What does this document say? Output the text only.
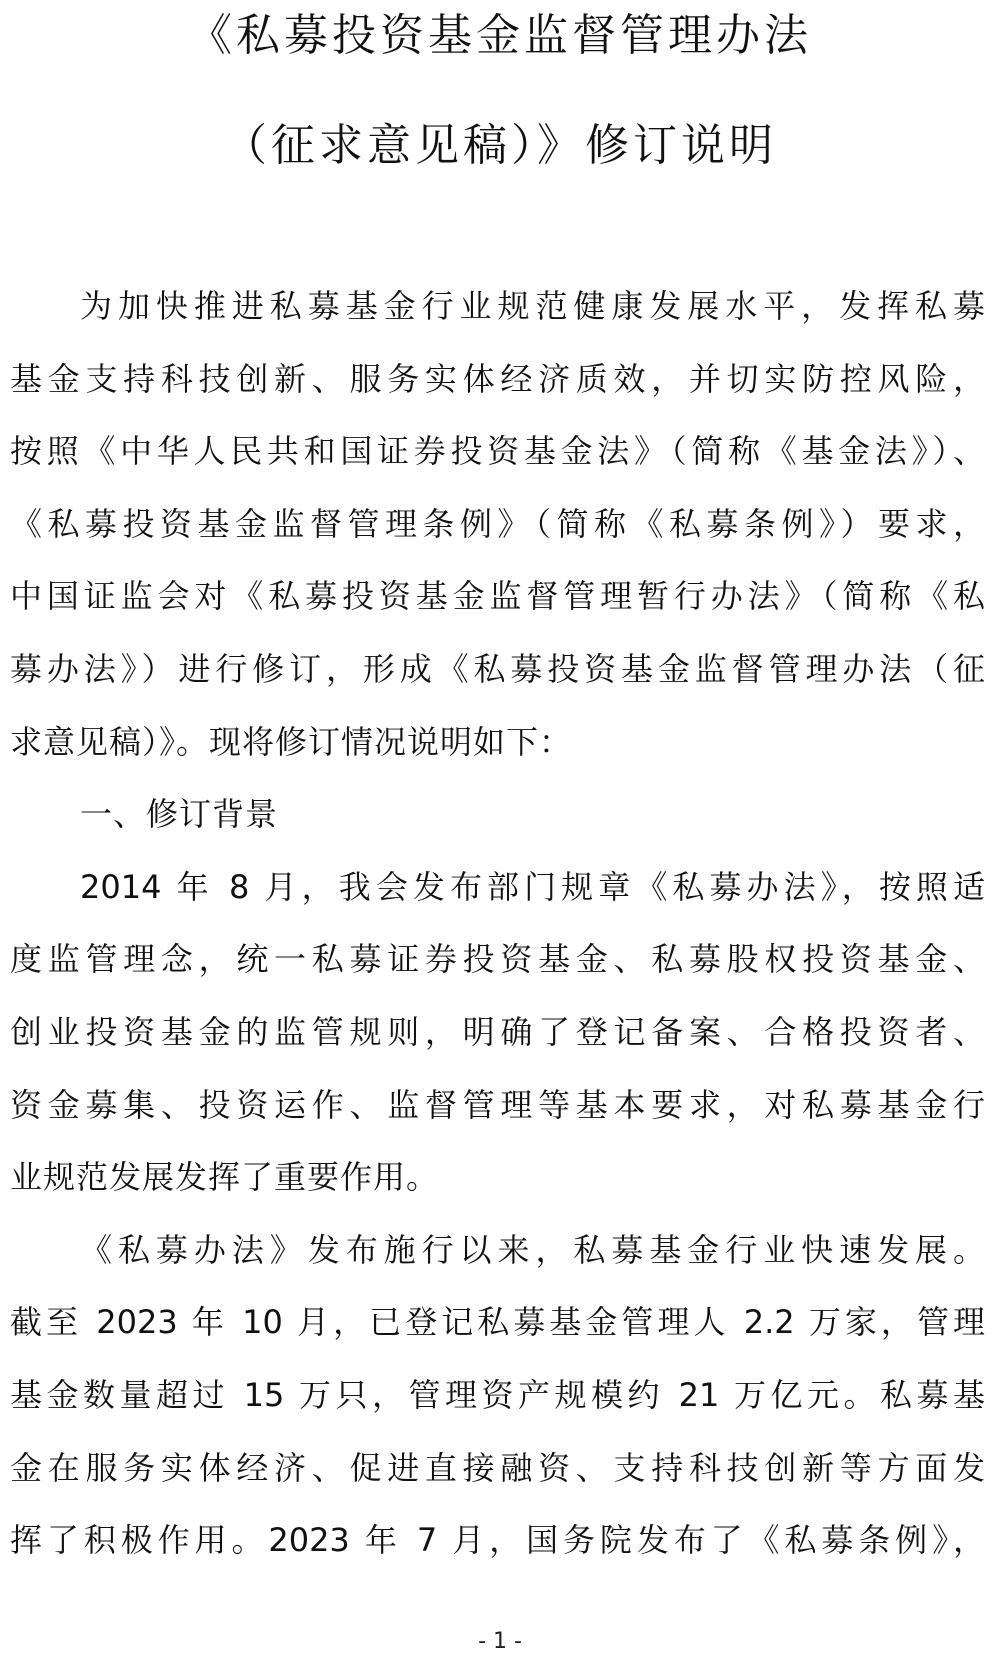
《私募投资基金监督管理办法
（征求意见稿）》修订说明
为加快推进私募基金行业规范健康发展水平，发挥私募
基金支持科技创新、服务实体经济质效，并切实防控风险，
按照《中华人民共和国证券投资基金法》（简称《基金法》）、
《私募投资基金监督管理条例》（简称《私募条例》）要求，
中国证监会对《私募投资基金监督管理暂行办法》（简称《私
募办法》）进行修订，形成《私募投资基金监督管理办法（征
求意见稿）》。现将修订情况说明如下：
一、修订背景
2014 年 8 月，我会发布部门规章《私募办法》，按照适
度监管理念，统一私募证券投资基金、私募股权投资基金、
创业投资基金的监管规则，明确了登记备案、合格投资者、
资金募集、投资运作、监督管理等基本要求，对私募基金行
业规范发展发挥了重要作用。
《私募办法》发布施行以来，私募基金行业快速发展。
截至 2023 年 10 月，已登记私募基金管理人 2.2 万家，管理
基金数量超过 15 万只，管理资产规模约 21 万亿元。私募基
金在服务实体经济、促进直接融资、支持科技创新等方面发
挥了积极作用。2023 年 7 月，国务院发布了《私募条例》，
- 1 -
